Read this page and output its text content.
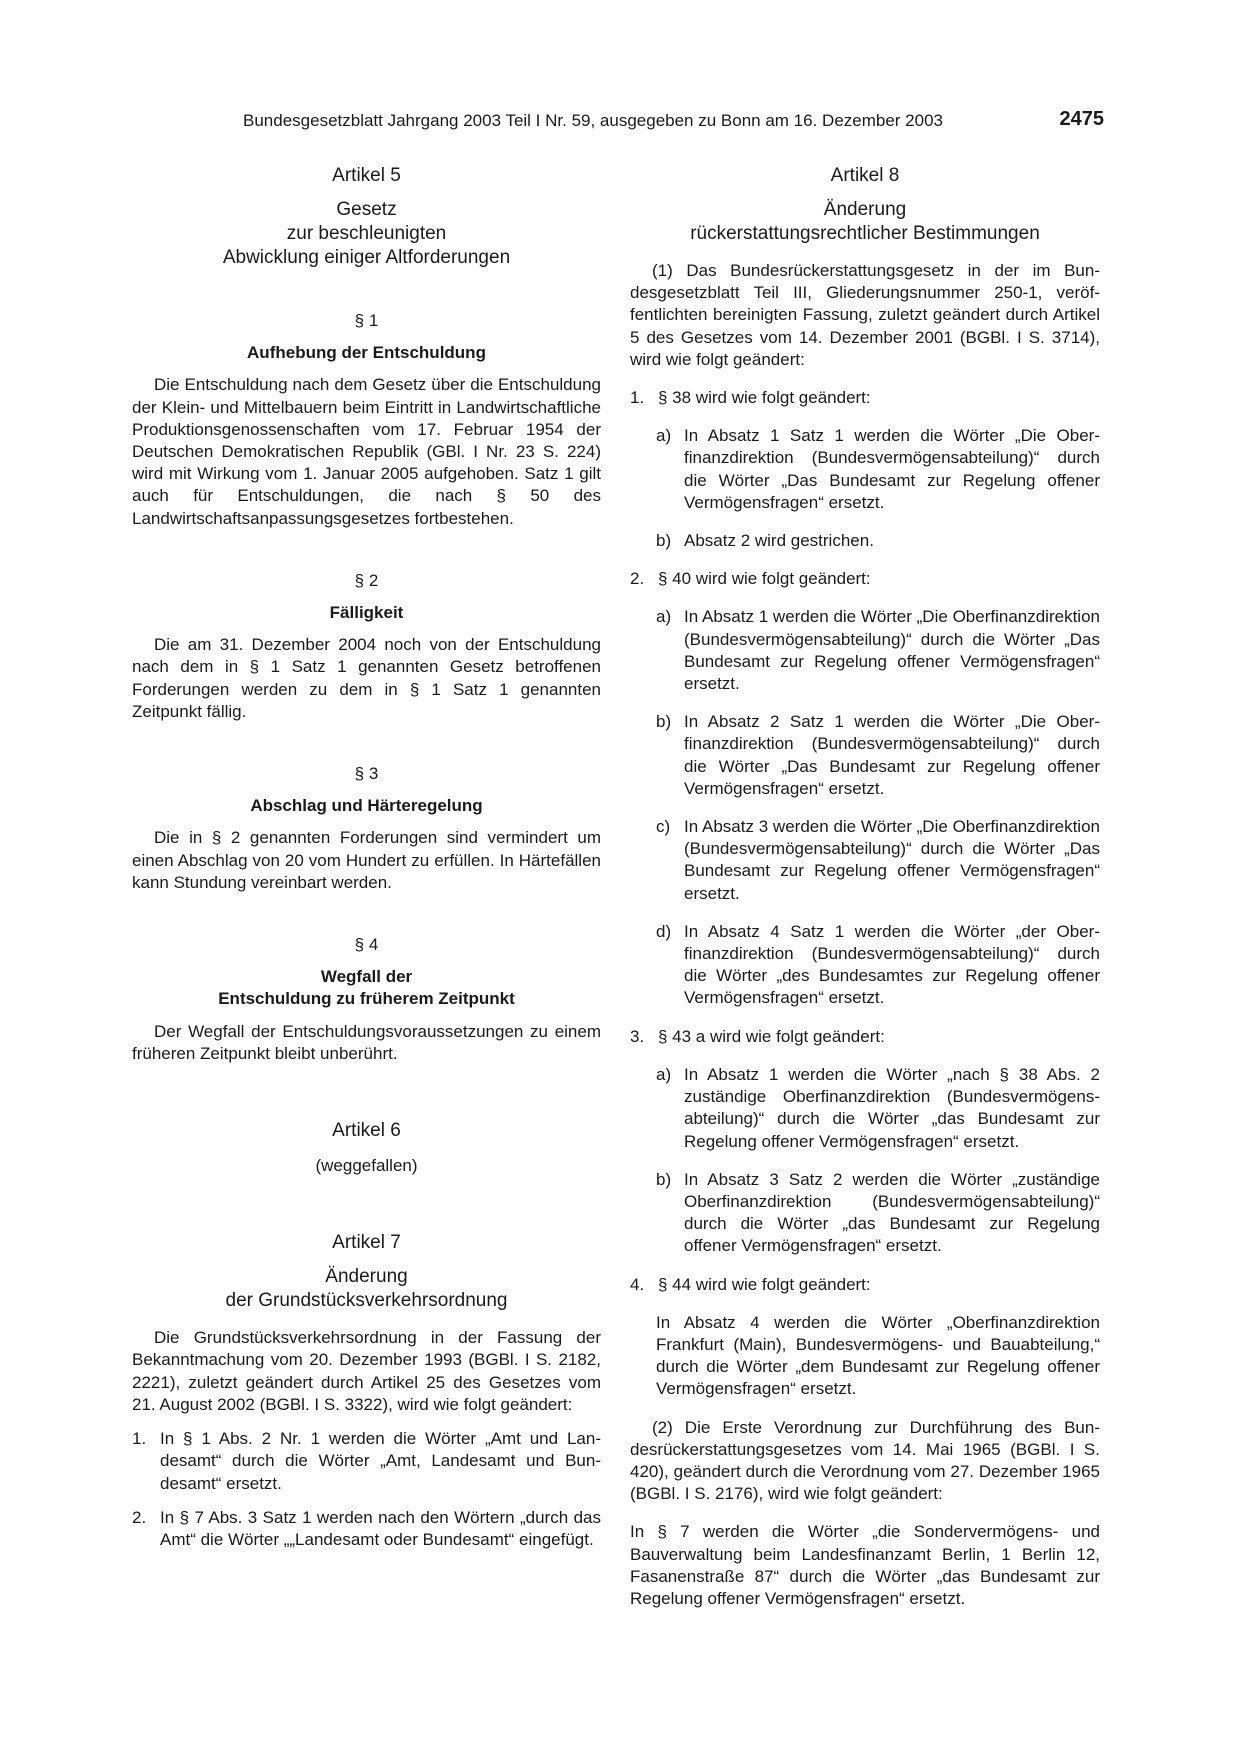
Bundesgesetzblatt Jahrgang 2003 Teil I Nr. 59, ausgegeben zu Bonn am 16. Dezember 2003	2475

Artikel 5

Gesetz
zur beschleunigten
Abwicklung einiger Altforderungen

§ 1

Aufhebung der Entschuldung

Die Entschuldung nach dem Gesetz über die Entschuldung der Klein- und Mittelbauern beim Eintritt in Landwirtschaftliche Produktionsgenossenschaften vom 17. Februar 1954 der Deutschen Demokratischen Republik (GBl. I Nr. 23 S. 224) wird mit Wirkung vom 1. Januar 2005 aufgehoben. Satz 1 gilt auch für Entschuldungen, die nach § 50 des Landwirtschaftsanpassungsgesetzes fortbestehen.

§ 2

Fälligkeit

Die am 31. Dezember 2004 noch von der Entschuldung nach dem in § 1 Satz 1 genannten Gesetz betroffenen Forderungen werden zu dem in § 1 Satz 1 genannten Zeitpunkt fällig.

§ 3

Abschlag und Härteregelung

Die in § 2 genannten Forderungen sind vermindert um einen Abschlag von 20 vom Hundert zu erfüllen. In Härtefällen kann Stundung vereinbart werden.

§ 4

Wegfall der
Entschuldung zu früherem Zeitpunkt

Der Wegfall der Entschuldungsvoraussetzungen zu einem früheren Zeitpunkt bleibt unberührt.

Artikel 6

(weggefallen)

Artikel 7

Änderung
der Grundstücksverkehrsordnung

Die Grundstücksverkehrsordnung in der Fassung der Bekanntmachung vom 20. Dezember 1993 (BGBl. I S. 2182, 2221), zuletzt geändert durch Artikel 25 des Gesetzes vom 21. August 2002 (BGBl. I S. 3322), wird wie folgt geändert:

1. In § 1 Abs. 2 Nr. 1 werden die Wörter „Amt und Landesamt“ durch die Wörter „Amt, Landesamt und Bundesamt“ ersetzt.
2. In § 7 Abs. 3 Satz 1 werden nach den Wörtern „durch das Amt“ die Wörter „„Landesamt oder Bundesamt“ eingefügt.

Artikel 8

Änderung
rückerstattungsrechtlicher Bestimmungen

(1) Das Bundesrückerstattungsgesetz in der im Bundesgesetzblatt Teil III, Gliederungsnummer 250-1, veröffentlichten bereinigten Fassung, zuletzt geändert durch Artikel 5 des Gesetzes vom 14. Dezember 2001 (BGBl. I S. 3714), wird wie folgt geändert:

1. § 38 wird wie folgt geändert:
a) In Absatz 1 Satz 1 werden die Wörter „Die Oberfinanzdirektion (Bundesvermögensabteilung)“ durch die Wörter „Das Bundesamt zur Regelung offener Vermögensfragen“ ersetzt.
b) Absatz 2 wird gestrichen.
2. § 40 wird wie folgt geändert:
a) In Absatz 1 werden die Wörter „Die Oberfinanzdirektion (Bundesvermögensabteilung)“ durch die Wörter „Das Bundesamt zur Regelung offener Vermögensfragen“ ersetzt.
b) In Absatz 2 Satz 1 werden die Wörter „Die Oberfinanzdirektion (Bundesvermögensabteilung)“ durch die Wörter „Das Bundesamt zur Regelung offener Vermögensfragen“ ersetzt.
c) In Absatz 3 werden die Wörter „Die Oberfinanzdirektion (Bundesvermögensabteilung)“ durch die Wörter „Das Bundesamt zur Regelung offener Vermögensfragen“ ersetzt.
d) In Absatz 4 Satz 1 werden die Wörter „der Oberfinanzdirektion (Bundesvermögensabteilung)“ durch die Wörter „des Bundesamtes zur Regelung offener Vermögensfragen“ ersetzt.
3. § 43 a wird wie folgt geändert:
a) In Absatz 1 werden die Wörter „nach § 38 Abs. 2 zuständige Oberfinanzdirektion (Bundesvermögensabteilung)“ durch die Wörter „das Bundesamt zur Regelung offener Vermögensfragen“ ersetzt.
b) In Absatz 3 Satz 2 werden die Wörter „zuständige Oberfinanzdirektion (Bundesvermögensabteilung)“ durch die Wörter „das Bundesamt zur Regelung offener Vermögensfragen“ ersetzt.
4. § 44 wird wie folgt geändert:

In Absatz 4 werden die Wörter „Oberfinanzdirektion Frankfurt (Main), Bundesvermögens- und Bauabteilung,“ durch die Wörter „dem Bundesamt zur Regelung offener Vermögensfragen“ ersetzt.

(2) Die Erste Verordnung zur Durchführung des Bundesrückerstattungsgesetzes vom 14. Mai 1965 (BGBl. I S. 420), geändert durch die Verordnung vom 27. Dezember 1965 (BGBl. I S. 2176), wird wie folgt geändert:

In § 7 werden die Wörter „die Sondervermögens- und Bauverwaltung beim Landesfinanzamt Berlin, 1 Berlin 12, Fasanenstraße 87“ durch die Wörter „das Bundesamt zur Regelung offener Vermögensfragen“ ersetzt.
